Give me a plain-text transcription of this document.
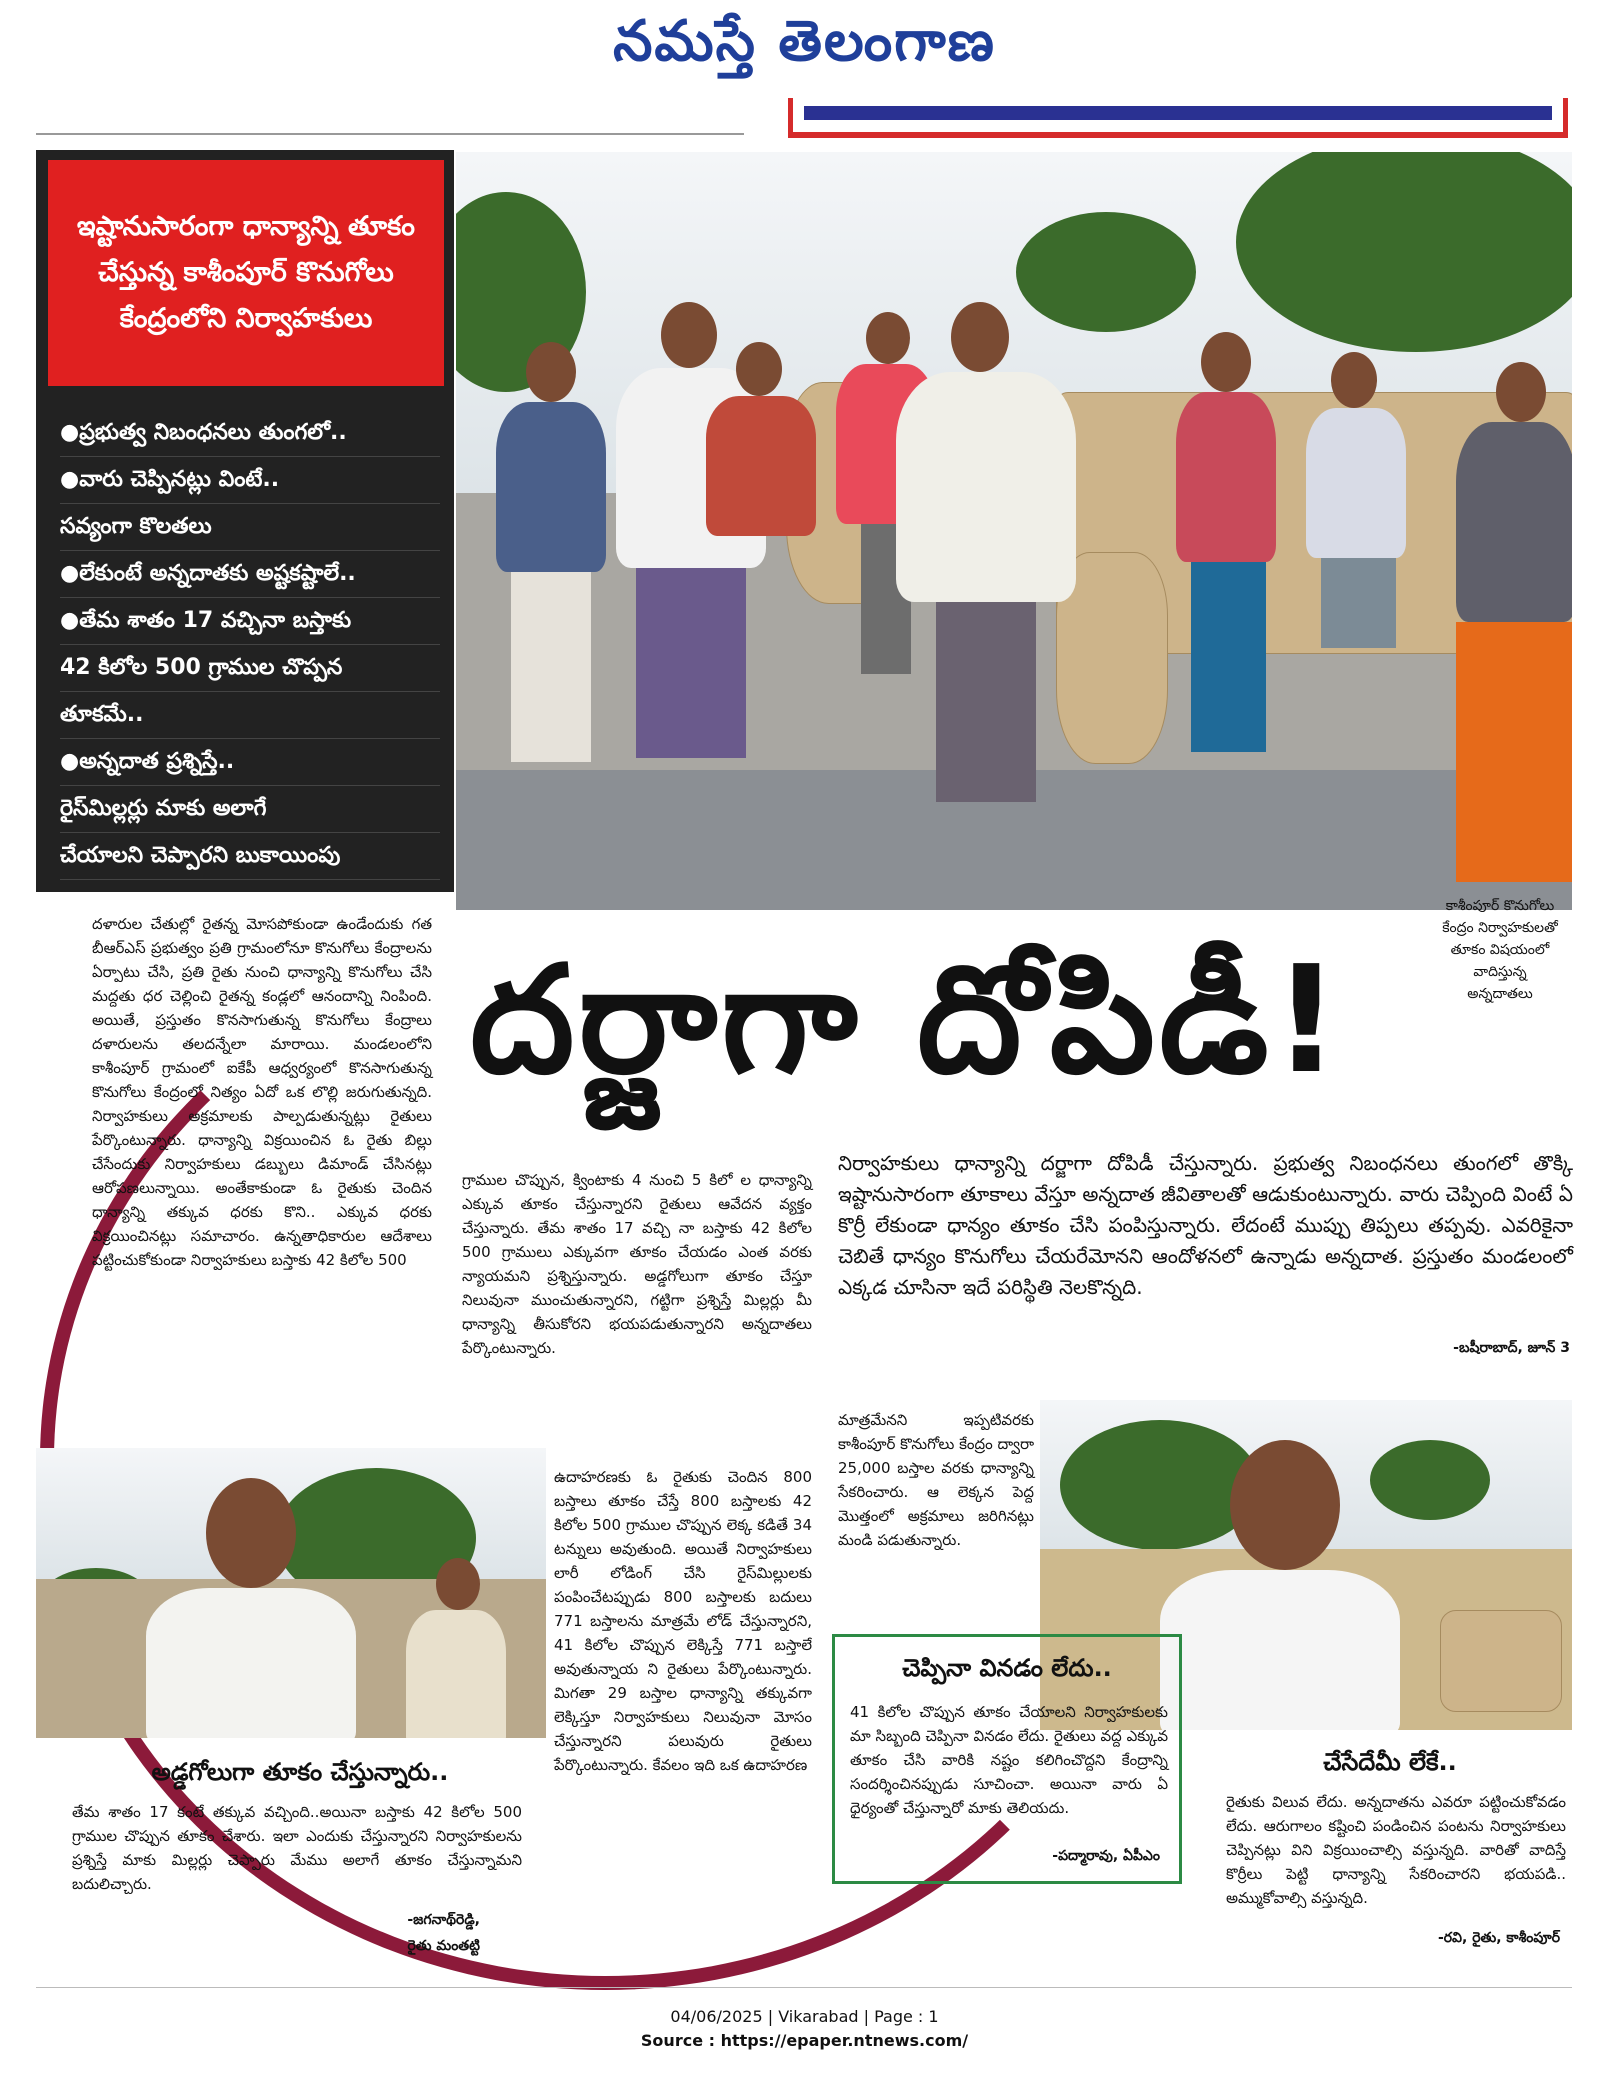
నమస్తే తెలంగాణ
ఇష్టానుసారంగా ధాన్యాన్ని తూకం చేస్తున్న కాశీంపూర్ కొనుగోలు కేంద్రంలోని నిర్వాహకులు
●ప్రభుత్వ నిబంధనలు తుంగలో..
●వారు చెప్పినట్లు వింటే..
సవ్యంగా కొలతలు
●లేకుంటే అన్నదాతకు అష్టకష్టాలే..
●తేమ శాతం 17 వచ్చినా బస్తాకు
42 కిలోల 500 గ్రాముల చొప్పన
తూకమే..
●అన్నదాత ప్రశ్నిస్తే..
రైస్‌మిల్లర్లు మాకు అలాగే
చేయాలని చెప్పారని బుకాయింపు
కాశీంపూర్ కొనుగోలు కేంద్రం నిర్వాహకులతో తూకం విషయంలో వాదిస్తున్న అన్నదాతలు
దర్జాగా దోపిడీ!
నిర్వాహకులు ధాన్యాన్ని దర్జాగా దోపిడీ చేస్తున్నారు. ప్రభుత్వ నిబంధనలు తుంగలో తొక్కి ఇష్టానుసారంగా తూకాలు వేస్తూ అన్నదాత జీవితాలతో ఆడుకుంటున్నారు. వారు చెప్పింది వింటే ఏ కొర్రీ లేకుండా ధాన్యం తూకం చేసి పంపిస్తున్నారు. లేదంటే ముప్పు తిప్పలు తప్పవు. ఎవరికైనా చెబితే ధాన్యం కొనుగోలు చేయరేమోనని ఆందోళనలో ఉన్నాడు అన్నదాత. ప్రస్తుతం మండలంలో ఎక్కడ చూసినా ఇదే పరిస్థితి నెలకొన్నది.
-బషీరాబాద్, జూన్ 3
దళారుల చేతుల్లో రైతన్న మోసపోకుండా ఉండేందుకు గత బీఆర్‌ఎస్ ప్రభుత్వం ప్రతి గ్రామంలోనూ కొనుగోలు కేంద్రాలను ఏర్పాటు చేసి, ప్రతి రైతు నుంచి ధాన్యాన్ని కొనుగోలు చేసి మద్దతు ధర చెల్లించి రైతన్న కండ్లలో ఆనందాన్ని నింపింది. అయితే, ప్రస్తుతం కొనసాగుతున్న కొనుగోలు కేంద్రాలు దళారులను తలదన్నేలా మారాయి. మండలంలోని కాశీంపూర్ గ్రామంలో ఐకేపీ ఆధ్వర్యంలో కొనసాగుతున్న కొనుగోలు కేంద్రంలో నిత్యం ఏదో ఒక లొల్లి జరుగుతున్నది. నిర్వాహకులు అక్రమాలకు పాల్పడుతున్నట్లు రైతులు పేర్కొంటున్నారు. ధాన్యాన్ని విక్రయించిన ఓ రైతు బిల్లు చేసేందుకు నిర్వాహకులు డబ్బులు డిమాండ్ చేసినట్లు ఆరోపణలున్నాయి. అంతేకాకుండా ఓ రైతుకు చెందిన ధాన్యాన్ని తక్కువ ధరకు కొని.. ఎక్కువ ధరకు విక్రయించినట్లు సమాచారం. ఉన్నతాధికారుల ఆదేశాలు పట్టించుకోకుండా నిర్వాహకులు బస్తాకు 42 కిలోల 500
గ్రాముల చొప్పున, క్వింటాకు 4 నుంచి 5 కిలో ల ధాన్యాన్ని ఎక్కువ తూకం చేస్తున్నారని రైతులు ఆవేదన వ్యక్తం చేస్తున్నారు. తేమ శాతం 17 వచ్చి నా బస్తాకు 42 కిలోల 500 గ్రాములు ఎక్కువగా తూకం చేయడం ఎంత వరకు న్యాయమని ప్రశ్నిస్తున్నారు. అడ్డగోలుగా తూకం చేస్తూ నిలువునా ముంచుతున్నారని, గట్టిగా ప్రశ్నిస్తే మిల్లర్లు మీ ధాన్యాన్ని తీసుకోరని భయపడుతున్నారని అన్నదాతలు పేర్కొంటున్నారు.
ఉదాహరణకు ఓ రైతుకు చెందిన 800 బస్తాలు తూకం చేస్తే 800 బస్తాలకు 42 కిలోల 500 గ్రాముల చొప్పున లెక్క కడితే 34 టన్నులు అవుతుంది. అయితే నిర్వాహకులు లారీ లోడింగ్ చేసి రైస్‌మిల్లులకు పంపించేటప్పుడు 800 బస్తాలకు బదులు 771 బస్తాలను మాత్రమే లోడ్ చేస్తున్నారని, 41 కిలోల చొప్పున లెక్కిస్తే 771 బస్తాలే అవుతున్నాయ ని రైతులు పేర్కొంటున్నారు. మిగతా 29 బస్తాల ధాన్యాన్ని తక్కువగా లెక్కిస్తూ నిర్వాహకులు నిలువునా మోసం చేస్తున్నారని పలువురు రైతులు పేర్కొంటున్నారు. కేవలం ఇది ఒక ఉదాహరణ
మాత్రమేనని ఇప్పటివరకు కాశీంపూర్ కొనుగోలు కేంద్రం ద్వారా 25,000 బస్తాల వరకు ధాన్యాన్ని సేకరించారు. ఆ లెక్కన పెద్ద మొత్తంలో అక్రమాలు జరిగినట్లు మండి పడుతున్నారు.
అడ్డగోలుగా తూకం చేస్తున్నారు..
తేమ శాతం 17 కంటే తక్కువ వచ్చింది..అయినా బస్తాకు 42 కిలోల 500 గ్రాముల చొప్పున తూకం చేశారు. ఇలా ఎందుకు చేస్తున్నారని నిర్వాహకులను ప్రశ్నిస్తే మాకు మిల్లర్లు చెప్పారు మేము అలాగే తూకం చేస్తున్నామని బదులిచ్చారు.
-జగనాథ్‌రెడ్డి,
రైతు మంతట్టి
చెప్పినా వినడం లేదు..
41 కిలోల చొప్పున తూకం చేయాలని నిర్వాహకులకు మా సిబ్బంది చెప్పినా వినడం లేదు. రైతులు వద్ద ఎక్కువ తూకం చేసి వారికి నష్టం కలిగించొద్దని కేంద్రాన్ని సందర్శించినప్పుడు సూచించా. అయినా వారు ఏ ధైర్యంతో చేస్తున్నారో మాకు తెలియదు.
-పద్మారావు, ఏపీఎం
చేసేదేమీ లేకే..
రైతుకు విలువ లేదు. అన్నదాతను ఎవరూ పట్టించుకోవడం లేదు. ఆరుగాలం కష్టించి పండించిన పంటను నిర్వాహకులు చెప్పినట్లు విని విక్రయించాల్సి వస్తున్నది. వారితో వాదిస్తే కొర్రీలు పెట్టి ధాన్యాన్ని సేకరించారని భయపడి.. అమ్ముకోవాల్సి వస్తున్నది.
-రవి, రైతు, కాశీంపూర్
04/06/2025 | Vikarabad | Page : 1
Source : https://epaper.ntnews.com/
